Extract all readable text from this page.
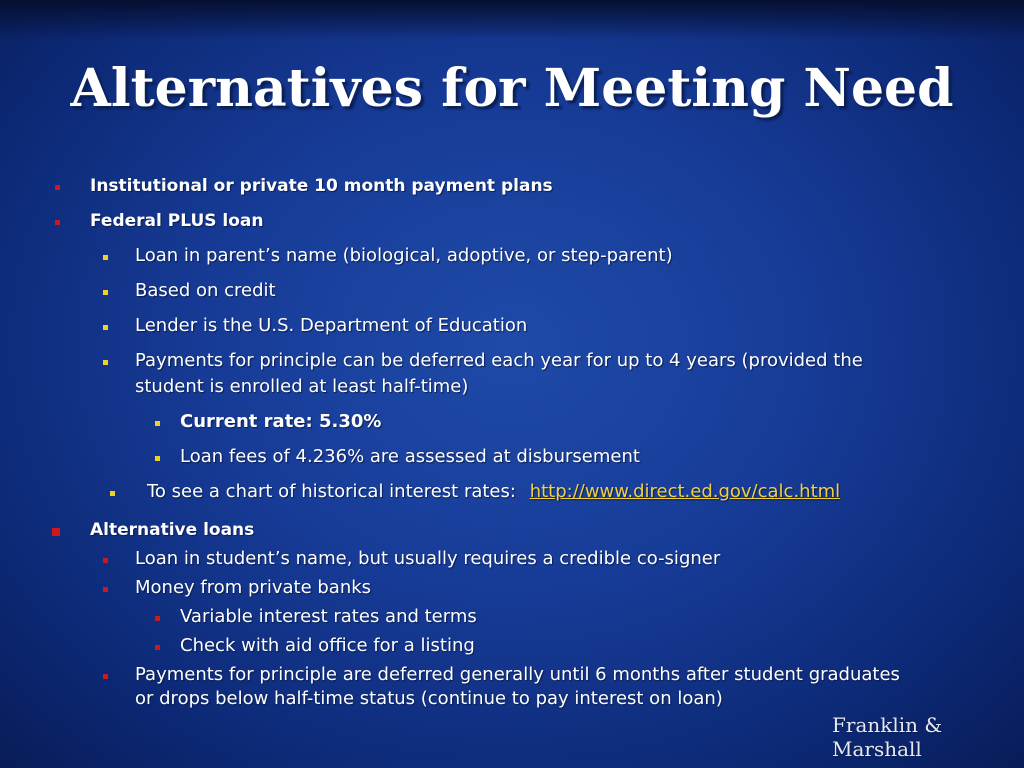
Alternatives for Meeting Need
Institutional or private 10 month payment plans
Federal PLUS loan
Loan in parent’s name (biological, adoptive, or step-parent)
Based on credit
Lender is the U.S. Department of Education
Payments for principle can be deferred each year for up to 4 years (provided the
student is enrolled at least half-time)
Current rate: 5.30%
Loan fees of 4.236% are assessed at disbursement
To see a chart of historical interest rates: http://www.direct.ed.gov/calc.html
Alternative loans
Loan in student’s name, but usually requires a credible co-signer
Money from private banks
Variable interest rates and terms
Check with aid office for a listing
Payments for principle are deferred generally until 6 months after student graduates
or drops below half-time status (continue to pay interest on loan)
Franklin & Marshall
